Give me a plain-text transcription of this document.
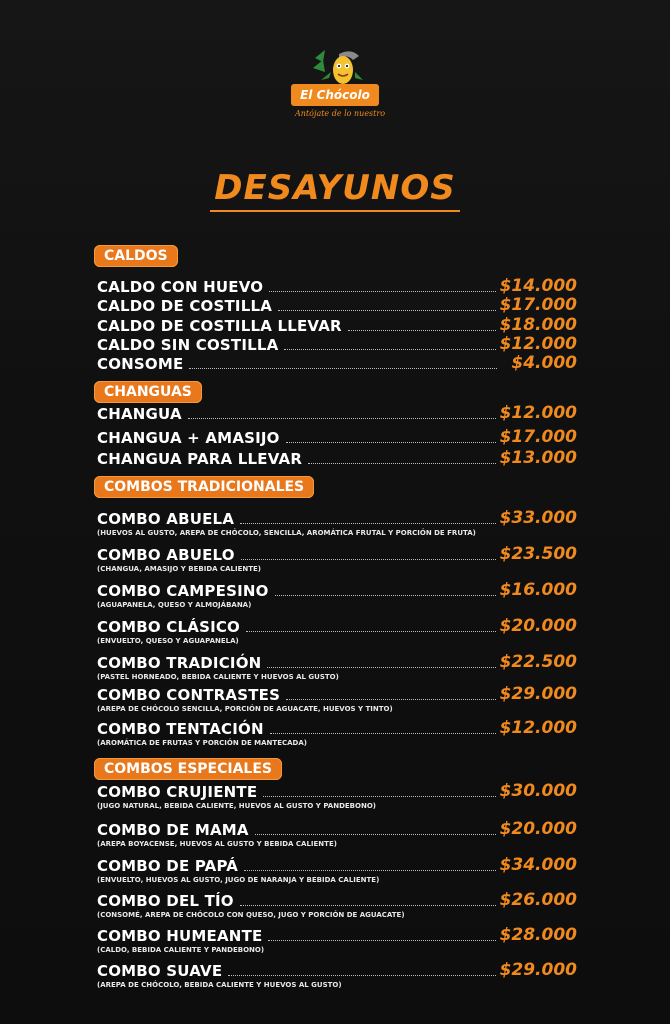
El Chócolo
Antójate de lo nuestro
DESAYUNOS
CALDOS
CALDO CON HUEVO	$14.000
CALDO DE COSTILLA	$17.000
CALDO DE COSTILLA LLEVAR	$18.000
CALDO SIN COSTILLA	$12.000
CONSOME	$4.000
CHANGUAS
CHANGUA	$12.000
CHANGUA + AMASIJO	$17.000
CHANGUA PARA LLEVAR	$13.000
COMBOS TRADICIONALES
COMBO ABUELA	$33.000
(HUEVOS AL GUSTO, AREPA DE CHÓCOLO, SENCILLA, AROMÁTICA FRUTAL Y PORCIÓN DE FRUTA)
COMBO ABUELO	$23.500
(CHANGUA, AMASIJO Y BEBIDA CALIENTE)
COMBO CAMPESINO	$16.000
(AGUAPANELA, QUESO Y ALMOJÁBANA)
COMBO CLÁSICO	$20.000
(ENVUELTO, QUESO Y AGUAPANELA)
COMBO TRADICIÓN	$22.500
(PASTEL HORNEADO, BEBIDA CALIENTE Y HUEVOS AL GUSTO)
COMBO CONTRASTES	$29.000
(AREPA DE CHÓCOLO SENCILLA, PORCIÓN DE AGUACATE, HUEVOS Y TINTO)
COMBO TENTACIÓN	$12.000
(AROMÁTICA DE FRUTAS Y PORCIÓN DE MANTECADA)
COMBOS ESPECIALES
COMBO CRUJIENTE	$30.000
(JUGO NATURAL, BEBIDA CALIENTE, HUEVOS AL GUSTO Y PANDEBONO)
COMBO DE MAMA	$20.000
(AREPA BOYACENSE, HUEVOS AL GUSTO Y BEBIDA CALIENTE)
COMBO DE PAPÁ	$34.000
(ENVUELTO, HUEVOS AL GUSTO, JUGO DE NARANJA Y BEBIDA CALIENTE)
COMBO DEL TÍO	$26.000
(CONSOMÉ, AREPA DE CHÓCOLO CON QUESO, JUGO Y PORCIÓN DE AGUACATE)
COMBO HUMEANTE	$28.000
(CALDO, BEBIDA CALIENTE Y PANDEBONO)
COMBO SUAVE	$29.000
(AREPA DE CHÓCOLO, BEBIDA CALIENTE Y HUEVOS AL GUSTO)
